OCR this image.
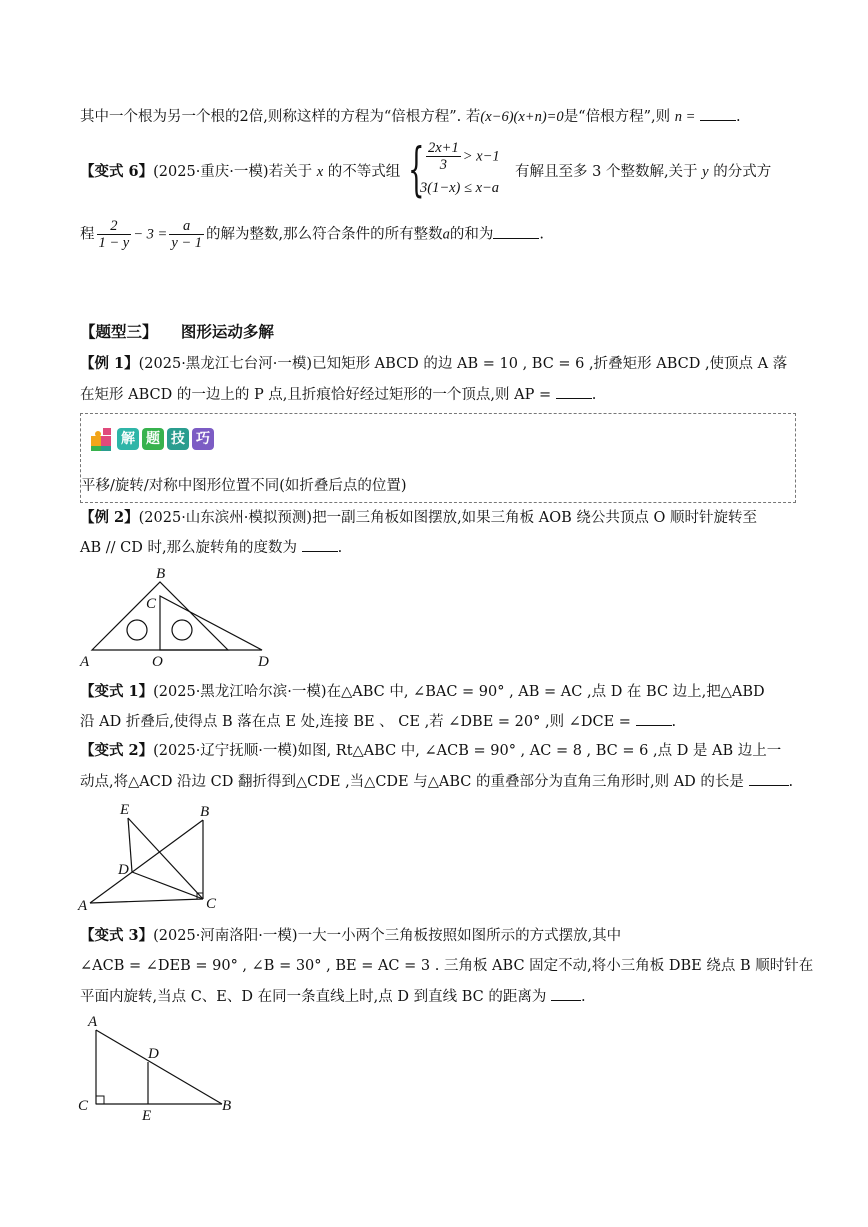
其中一个根为另一个根的2倍,则称这样的方程为“倍根方程”. 若(x−6)(x+n)=0是“倍根方程”,则 n =	.
【变式 6】(2025·重庆·一模)若关于 x 的不等式组 { $\frac{2x+1}{3} > x-1$
3(1−x) ≤ x−a
有解且至多 3 个整数解,关于 y 的分式方
程 $\frac{2}{1 - y} - 3 = \frac{a}{y - 1}$ 的解为整数,那么符合条件的所有整数a的和为	.
【题型三】 图形运动多解
【例 1】(2025·黑龙江七台河·一模)已知矩形 ABCD 的边 AB = 10 , BC = 6 ,折叠矩形 ABCD ,使顶点 A 落
在矩形 ABCD 的一边上的 P 点,且折痕恰好经过矩形的一个顶点,则 AP =	.
解 题 技 巧
平移/旋转/对称中图形位置不同(如折叠后点的位置)
【例 2】(2025·山东滨州·模拟预测)把一副三角板如图摆放,如果三角板 AOB 绕公共顶点 O 顺时针旋转至
AB // CD 时,那么旋转角的度数为	.
B
C
A	O	D
【变式 1】(2025·黑龙江哈尔滨·一模)在△ABC 中, ∠BAC = 90° , AB = AC ,点 D 在 BC 边上,把△ABD
沿 AD 折叠后,使得点 B 落在点 E 处,连接 BE 、 CE ,若 ∠DBE = 20° ,则 ∠DCE =	.
【变式 2】(2025·辽宁抚顺·一模)如图, Rt△ABC 中, ∠ACB = 90° , AC = 8 , BC = 6 ,点 D 是 AB 边上一
动点,将△ACD 沿边 CD 翻折得到△CDE ,当△CDE 与△ABC 的重叠部分为直角三角形时,则 AD 的长是	.
E	B
D
A	C
【变式 3】(2025·河南洛阳·一模)一大一小两个三角板按照如图所示的方式摆放,其中
∠ACB = ∠DEB = 90° , ∠B = 30° , BE = AC = 3 . 三角板 ABC 固定不动,将小三角板 DBE 绕点 B 顺时针在
平面内旋转,当点 C、E、D 在同一条直线上时,点 D 到直线 BC 的距离为 .
A
D
C
E
B
